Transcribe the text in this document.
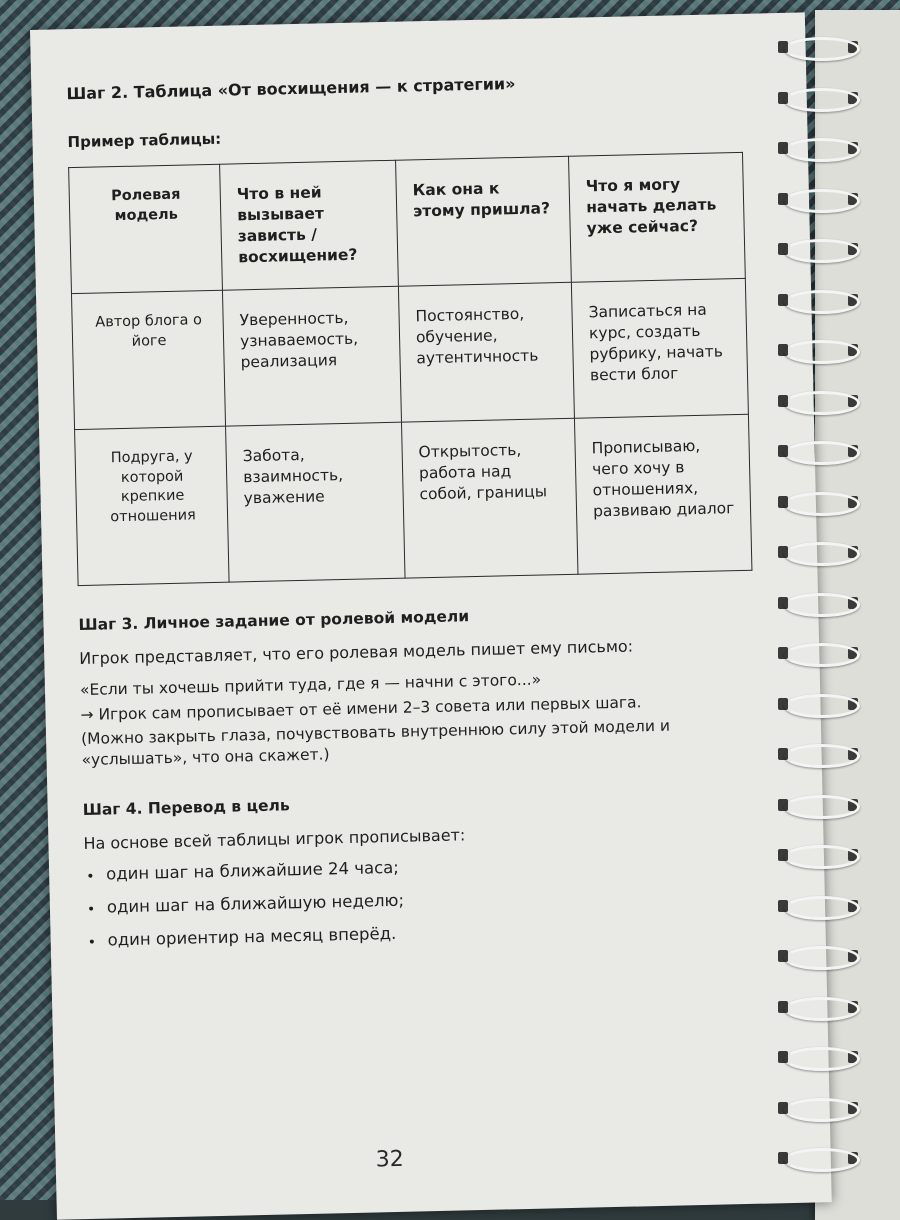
Шаг 2. Таблица «От восхищения — к стратегии»
Пример таблицы:
Ролевая модель	Что в ней вызывает зависть / восхищение?	Как она к этому пришла?	Что я могу начать делать уже сейчас?
Автор блога о йоге	Уверенность, узнаваемость, реализация	Постоянство, обучение, аутентичность	Записаться на курс, создать рубрику, начать вести блог
Подруга, у которой крепкие отношения	Забота, взаимность, уважение	Открытость, работа над собой, границы	Прописываю, чего хочу в отношениях, развиваю диалог
Шаг 3. Личное задание от ролевой модели

Игрок представляет, что его ролевая модель пишет ему письмо:

«Если ты хочешь прийти туда, где я — начни с этого...»

→ Игрок сам прописывает от её имени 2–3 совета или первых шага.

(Можно закрыть глаза, почувствовать внутреннюю силу этой модели и «услышать», что она скажет.)

Шаг 4. Перевод в цель

На основе всей таблицы игрок прописывает:

• один шаг на ближайшие 24 часа;
• один шаг на ближайшую неделю;
• один ориентир на месяц вперёд.
32
